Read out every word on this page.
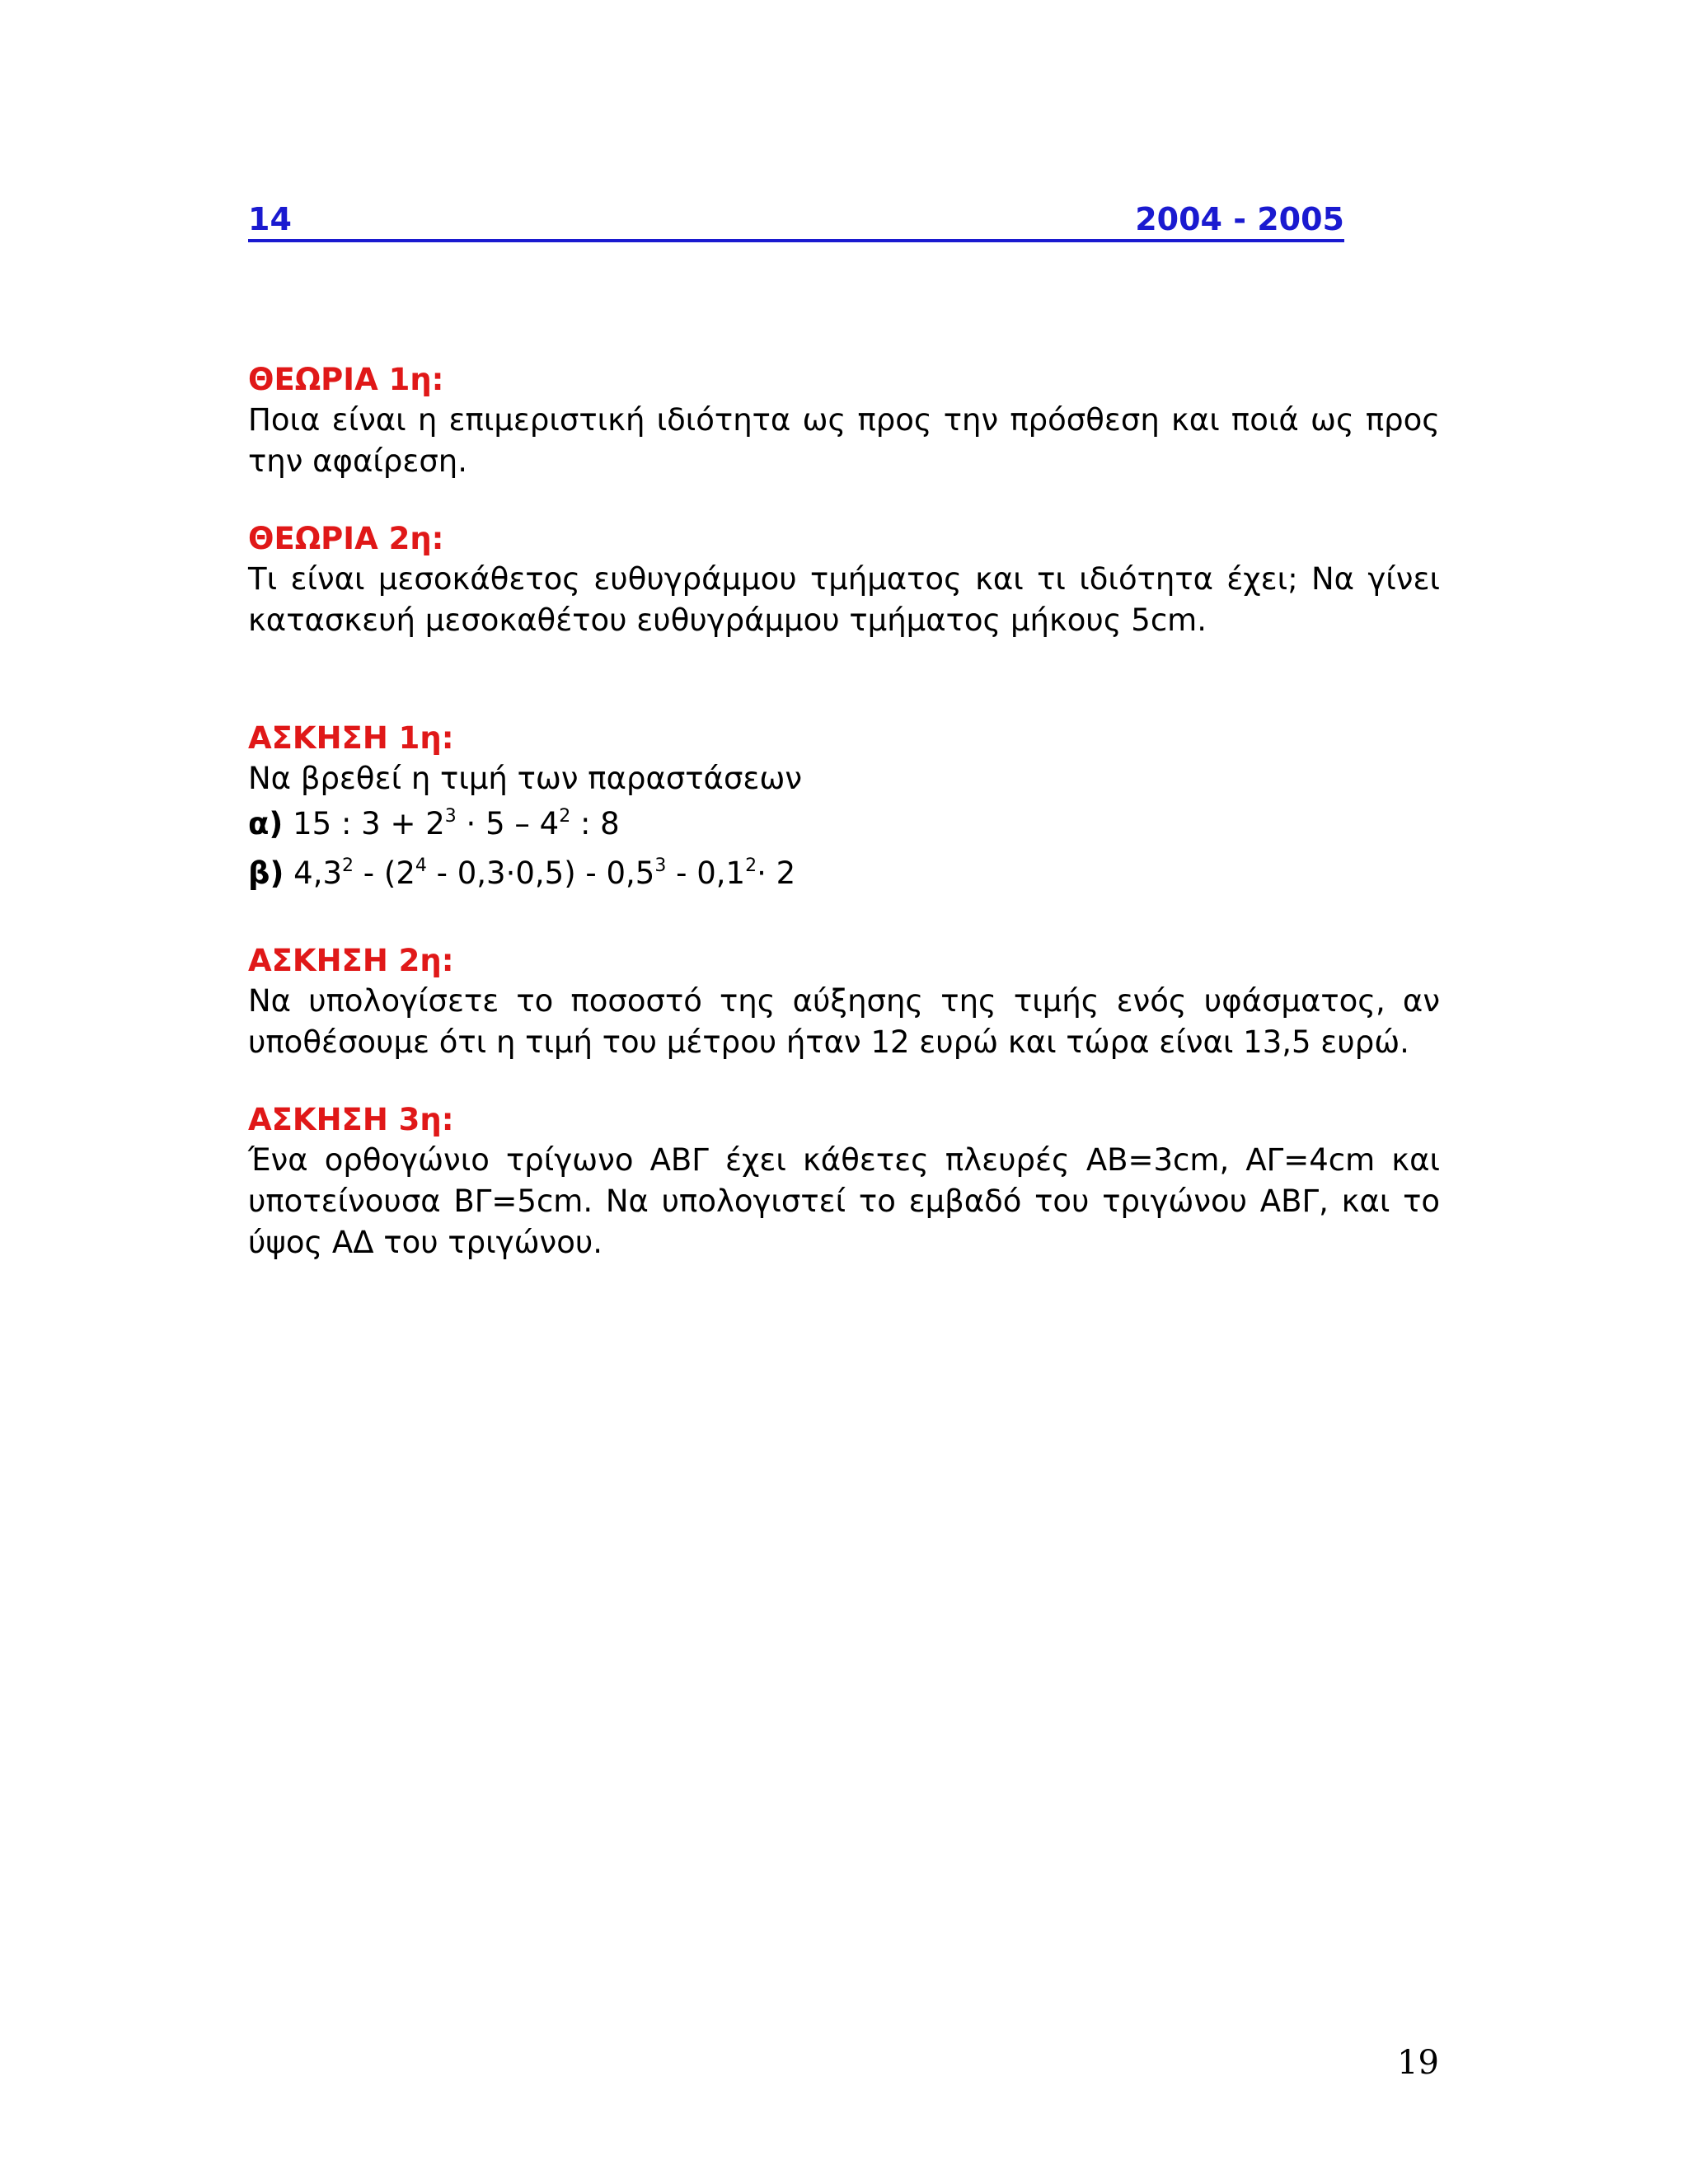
14	2004 - 2005

ΘΕΩΡΙΑ 1η:

Ποια είναι η επιμεριστική ιδιότητα ως προς την πρόσθεση και ποιά ως προς την αφαίρεση.

ΘΕΩΡΙΑ 2η:

Τι είναι μεσοκάθετος ευθυγράμμου τμήματος και τι ιδιότητα έχει; Να γίνει κατασκευή μεσοκαθέτου ευθυγράμμου τμήματος μήκους 5cm.

ΑΣΚΗΣΗ 1η:

Να βρεθεί η τιμή των παραστάσεων

α) 15 : $3 + 2^3 \cdot 5 - 4^2$ : 8

β) $4,3^2 - (2^4 - 0,3\cdot 0,5) - 0,5^3 - 0,1^2\cdot 2$

ΑΣΚΗΣΗ 2η:

Να υπολογίσετε το ποσοστό της αύξησης της τιμής ενός υφάσματος, αν υποθέσουμε ότι η τιμή του μέτρου ήταν 12 ευρώ και τώρα είναι 13,5 ευρώ.

ΑΣΚΗΣΗ 3η:

Ένα ορθογώνιο τρίγωνο ΑΒΓ έχει κάθετες πλευρές ΑΒ=3cm, ΑΓ=4cm και υποτείνουσα ΒΓ=5cm. Να υπολογιστεί το εμβαδό του τριγώνου ΑΒΓ, και το ύψος ΑΔ του τριγώνου.

19
